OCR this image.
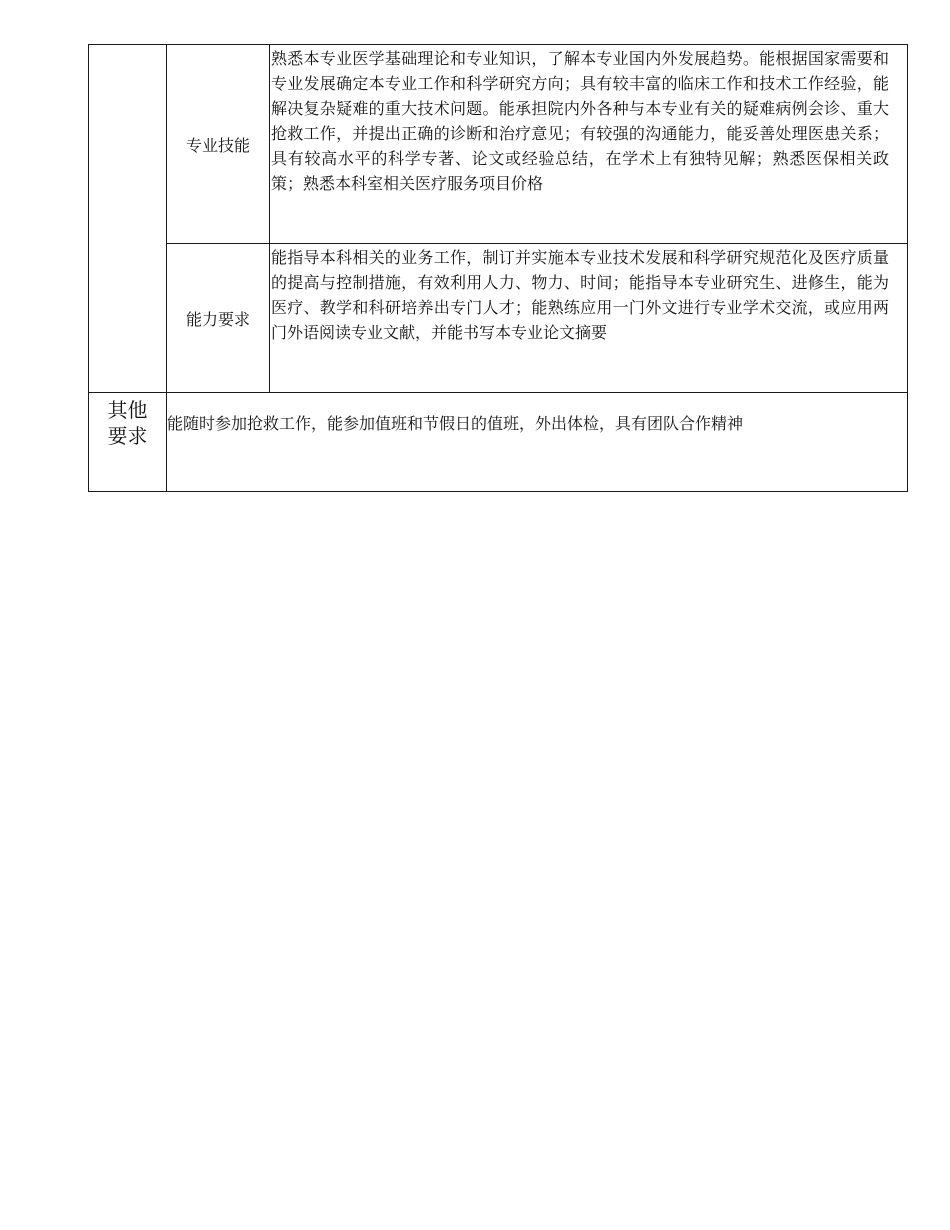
	专业技能	熟悉本专业医学基础理论和专业知识，了解本专业国内外发展趋势。能根据国家需要和专业发展确定本专业工作和科学研究方向；具有较丰富的临床工作和技术工作经验，能解决复杂疑难的重大技术问题。能承担院内外各种与本专业有关的疑难病例会诊、重大抢救工作，并提出正确的诊断和治疗意见；有较强的沟通能力，能妥善处理医患关系；具有较高水平的科学专著、论文或经验总结，在学术上有独特见解；熟悉医保相关政策；熟悉本科室相关医疗服务项目价格
	能力要求	能指导本科相关的业务工作，制订并实施本专业技术发展和科学研究规范化及医疗质量的提高与控制措施，有效利用人力、物力、时间；能指导本专业研究生、进修生，能为医疗、教学和科研培养出专门人才；能熟练应用一门外文进行专业学术交流，或应用两门外语阅读专业文献，并能书写本专业论文摘要

其他
要求	能随时参加抢救工作，能参加值班和节假日的值班，外出体检，具有团队合作精神	
